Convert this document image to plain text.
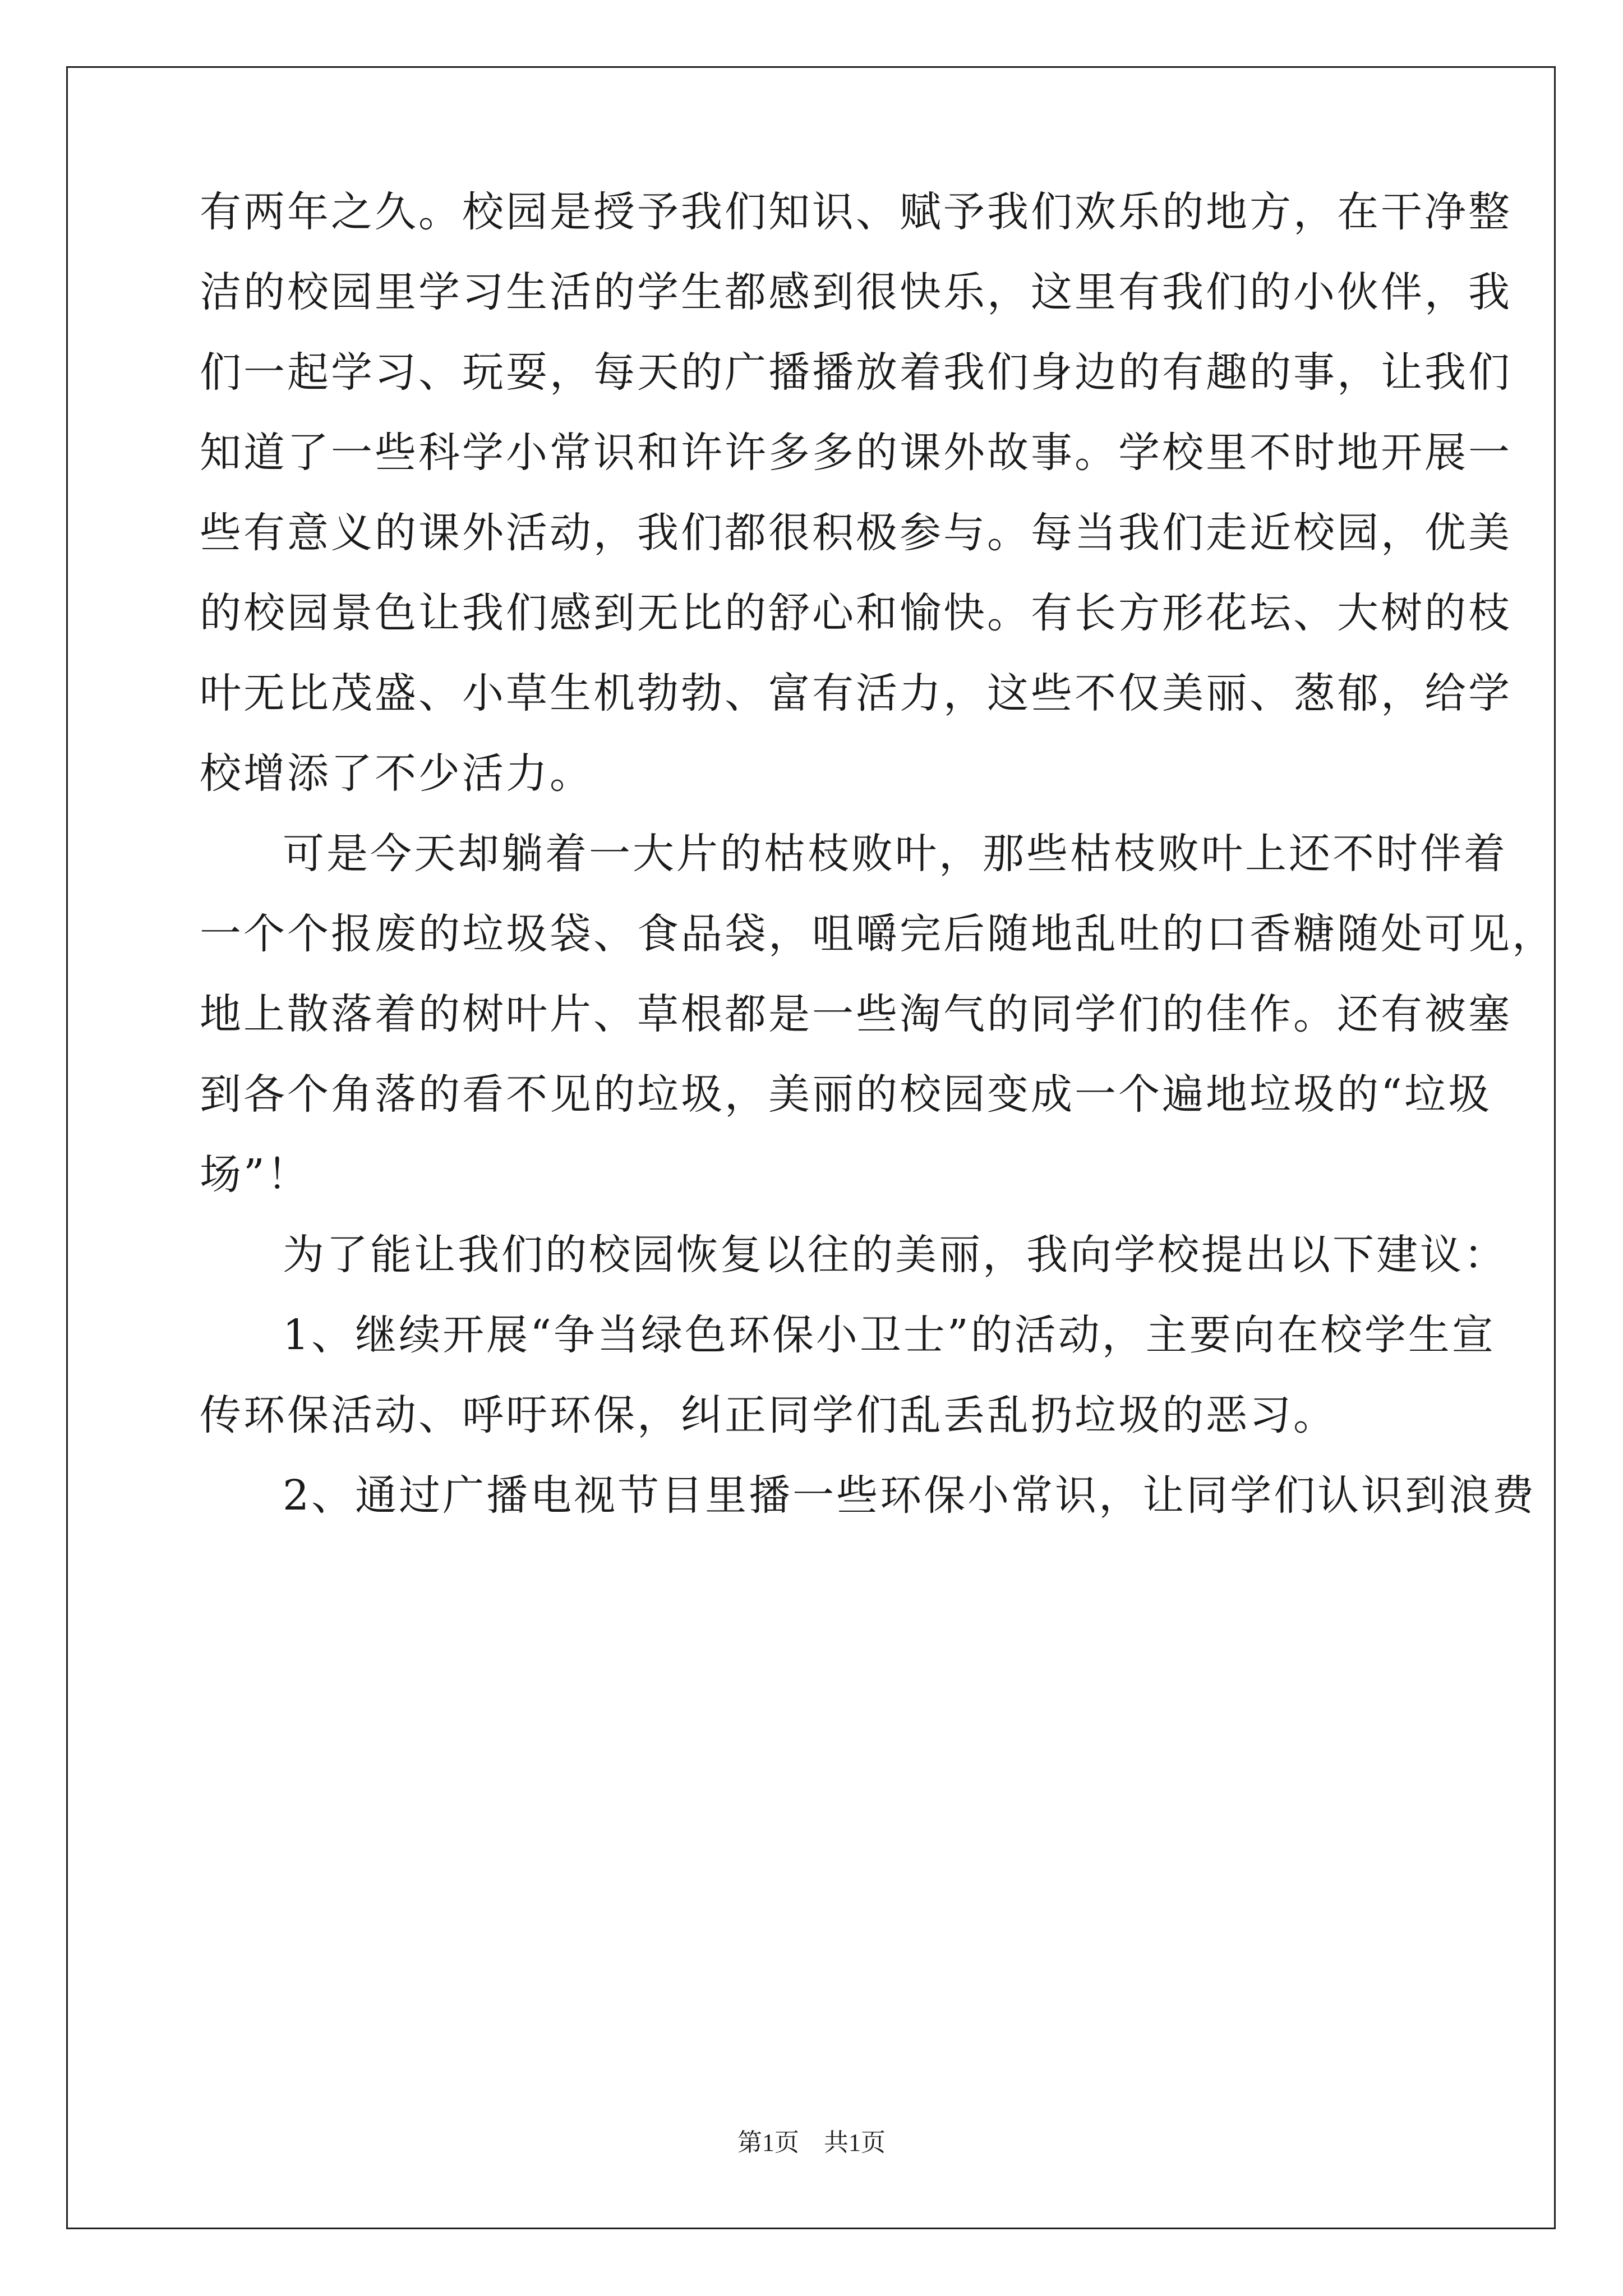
有两年之久。校园是授予我们知识、赋予我们欢乐的地方，在干净整
洁的校园里学习生活的学生都感到很快乐，这里有我们的小伙伴，我
们一起学习、玩耍，每天的广播播放着我们身边的有趣的事，让我们
知道了一些科学小常识和许许多多的课外故事。学校里不时地开展一
些有意义的课外活动，我们都很积极参与。每当我们走近校园，优美
的校园景色让我们感到无比的舒心和愉快。有长方形花坛、大树的枝
叶无比茂盛、小草生机勃勃、富有活力，这些不仅美丽、葱郁，给学
校增添了不少活力。
可是今天却躺着一大片的枯枝败叶，那些枯枝败叶上还不时伴着
一个个报废的垃圾袋、食品袋，咀嚼完后随地乱吐的口香糖随处可见，
地上散落着的树叶片、草根都是一些淘气的同学们的佳作。还有被塞
到各个角落的看不见的垃圾，美丽的校园变成一个遍地垃圾的“垃圾
场”！
为了能让我们的校园恢复以往的美丽，我向学校提出以下建议：
1、继续开展“争当绿色环保小卫士”的活动，主要向在校学生宣
传环保活动、呼吁环保，纠正同学们乱丢乱扔垃圾的恶习。
2、通过广播电视节目里播一些环保小常识，让同学们认识到浪费
第1页　共1页
